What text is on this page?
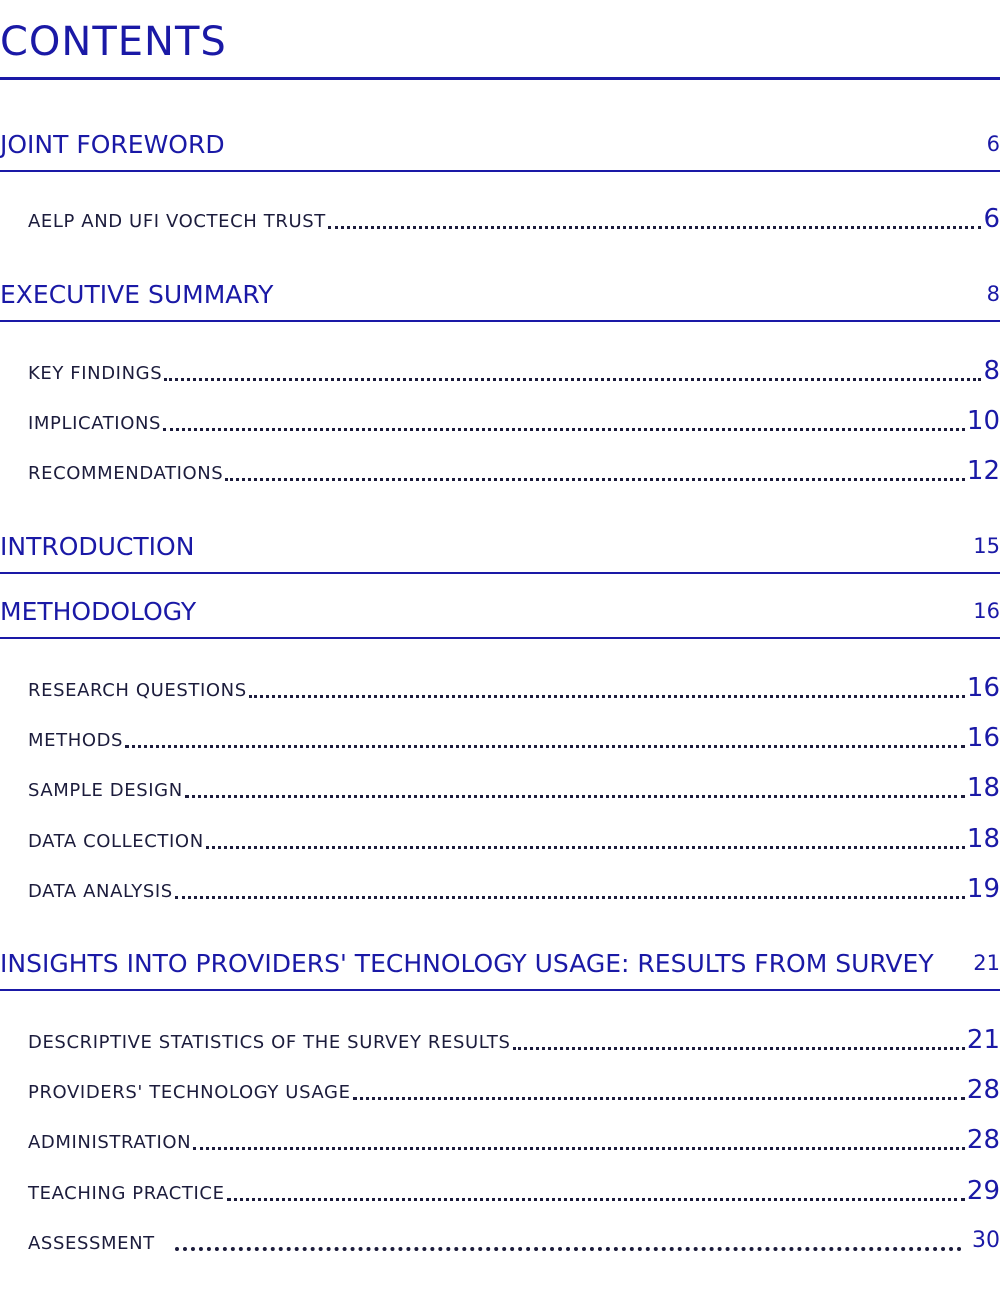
CONTENTS
JOINT FOREWORD	6
AELP AND UFI VOCTECH TRUST	6
EXECUTIVE SUMMARY	8
KEY FINDINGS	8
IMPLICATIONS	10
RECOMMENDATIONS	12
INTRODUCTION	15
METHODOLOGY	16
RESEARCH QUESTIONS	16
METHODS	16
SAMPLE DESIGN	18
DATA COLLECTION	18
DATA ANALYSIS	19
INSIGHTS INTO PROVIDERS' TECHNOLOGY USAGE: RESULTS FROM SURVEY 21
DESCRIPTIVE STATISTICS OF THE SURVEY RESULTS	21
PROVIDERS' TECHNOLOGY USAGE	28
ADMINISTRATION	28
TEACHING PRACTICE	29
ASSESSMENT	30
